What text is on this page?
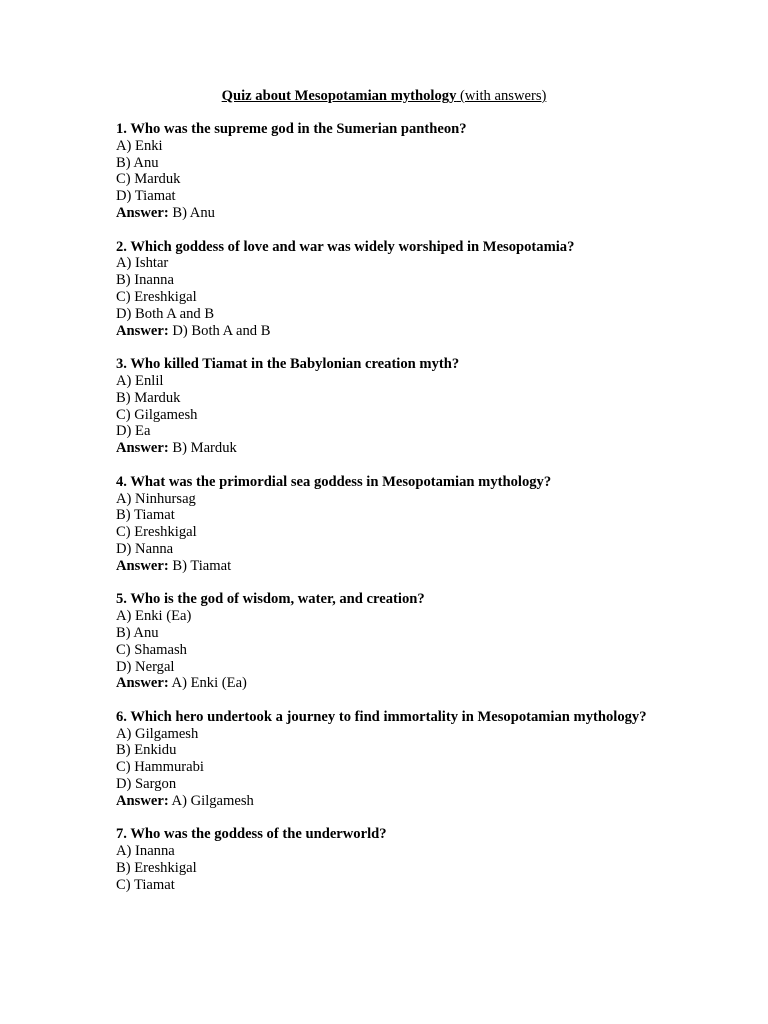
Quiz about Mesopotamian mythology (with answers)
1. Who was the supreme god in the Sumerian pantheon?
A) Enki
B) Anu
C) Marduk
D) Tiamat
Answer: B) Anu
2. Which goddess of love and war was widely worshiped in Mesopotamia?
A) Ishtar
B) Inanna
C) Ereshkigal
D) Both A and B
Answer: D) Both A and B
3. Who killed Tiamat in the Babylonian creation myth?
A) Enlil
B) Marduk
C) Gilgamesh
D) Ea
Answer: B) Marduk
4. What was the primordial sea goddess in Mesopotamian mythology?
A) Ninhursag
B) Tiamat
C) Ereshkigal
D) Nanna
Answer: B) Tiamat
5. Who is the god of wisdom, water, and creation?
A) Enki (Ea)
B) Anu
C) Shamash
D) Nergal
Answer: A) Enki (Ea)
6. Which hero undertook a journey to find immortality in Mesopotamian mythology?
A) Gilgamesh
B) Enkidu
C) Hammurabi
D) Sargon
Answer: A) Gilgamesh
7. Who was the goddess of the underworld?
A) Inanna
B) Ereshkigal
C) Tiamat
